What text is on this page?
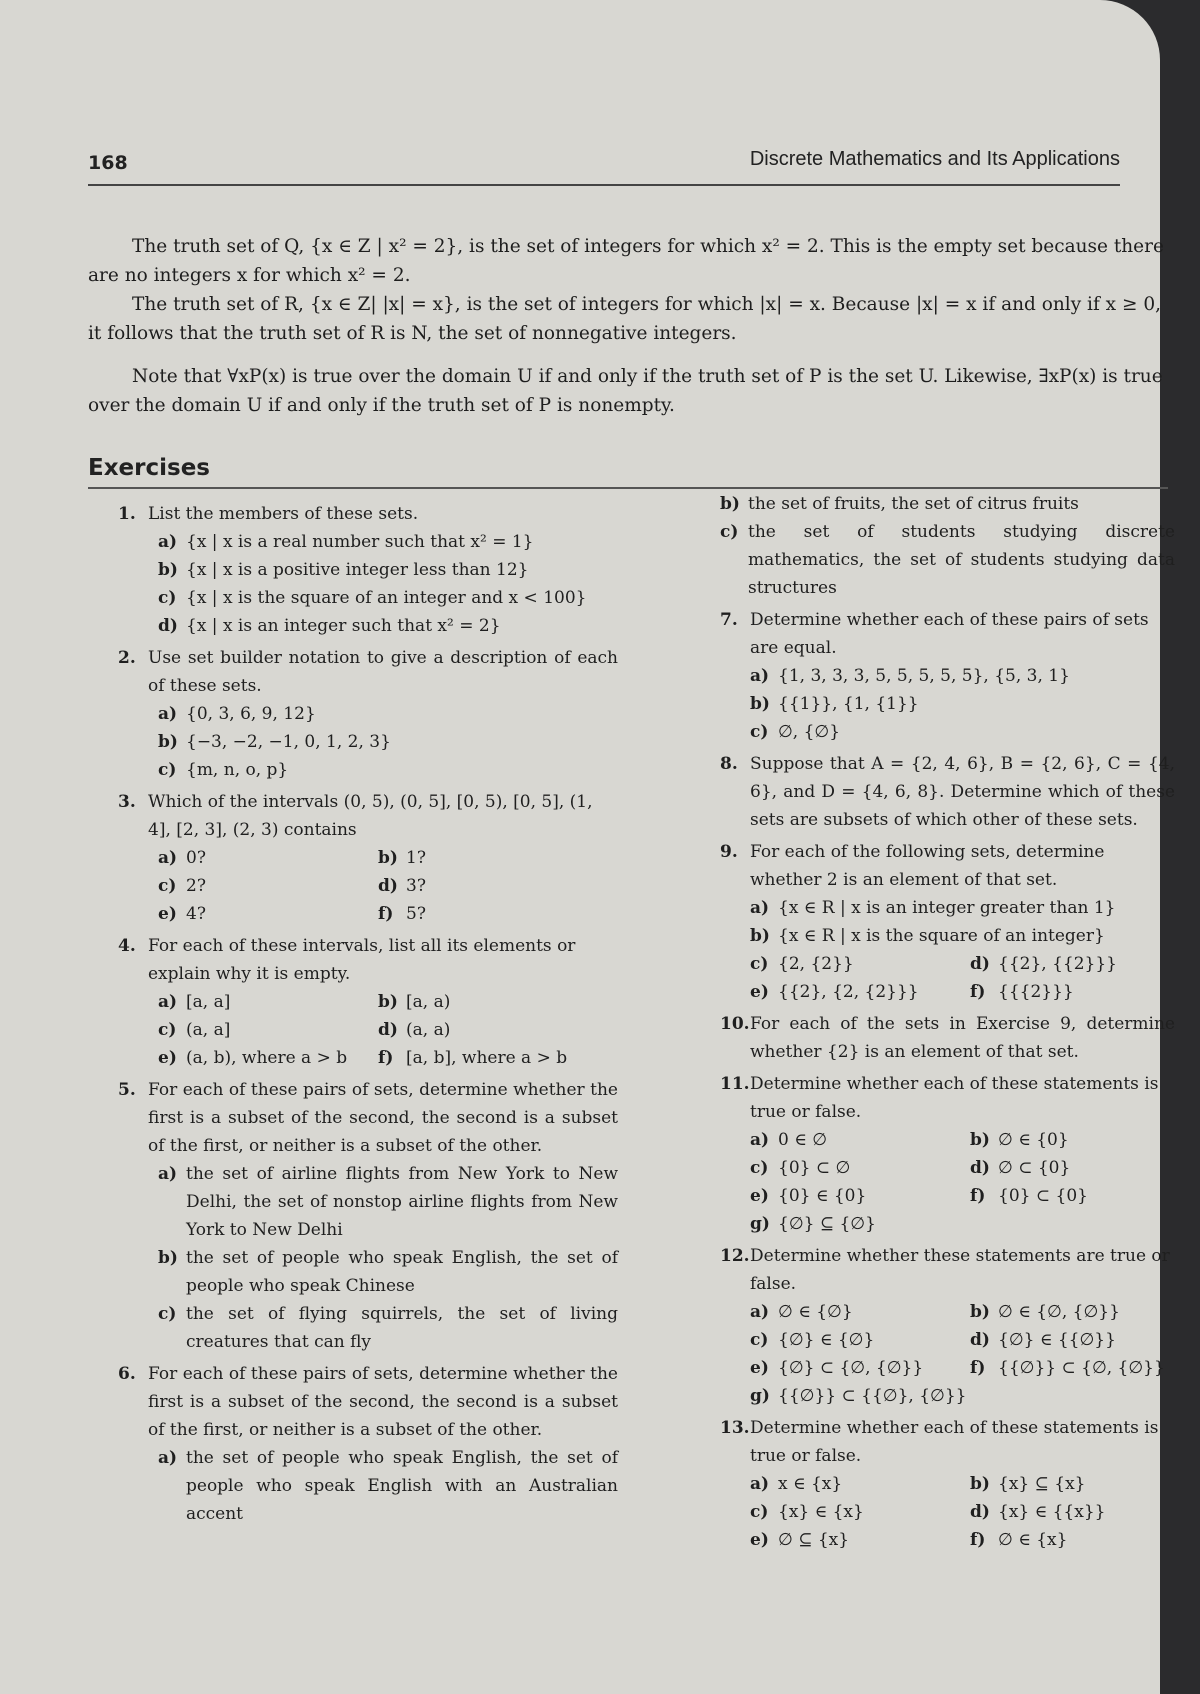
168	Discrete Mathematics and Its Applications

The truth set of Q, {x ∈ Z | x² = 2}, is the set of integers for which x² = 2. This is the empty set because there are no integers x for which x² = 2.

The truth set of R, {x ∈ Z| |x| = x}, is the set of integers for which |x| = x. Because |x| = x if and only if x ≥ 0, it follows that the truth set of R is N, the set of nonnegative integers.

Note that ∀xP(x) is true over the domain U if and only if the truth set of P is the set U. Likewise, ∃xP(x) is true over the domain U if and only if the truth set of P is nonempty.

Exercises
1. List the members of these sets.
a) {x | x is a real number such that x² = 1}
b) {x | x is a positive integer less than 12}
c) {x | x is the square of an integer and x < 100}
d) {x | x is an integer such that x² = 2}
2. Use set builder notation to give a description of each of these sets.
a) {0, 3, 6, 9, 12}
b) {−3, −2, −1, 0, 1, 2, 3}
c) {m, n, o, p}
3. Which of the intervals (0, 5), (0, 5], [0, 5), [0, 5], (1, 4], [2, 3], (2, 3) contains
a) 0?	b) 1?
c) 2?	d) 3?
e) 4?	f) 5?
4. For each of these intervals, list all its elements or explain why it is empty.
a) [a, a]	b) [a, a)
c) (a, a]	d) (a, a)
e) (a, b), where a > b	f) [a, b], where a > b
5. For each of these pairs of sets, determine whether the first is a subset of the second, the second is a subset of the first, or neither is a subset of the other.
a) the set of airline flights from New York to New Delhi, the set of nonstop airline flights from New York to New Delhi
b) the set of people who speak English, the set of people who speak Chinese
c) the set of flying squirrels, the set of living creatures that can fly
6. For each of these pairs of sets, determine whether the first is a subset of the second, the second is a subset of the first, or neither is a subset of the other.
a) the set of people who speak English, the set of people who speak English with an Australian accent
b) the set of fruits, the set of citrus fruits
c) the set of students studying discrete mathematics, the set of students studying data structures
7. Determine whether each of these pairs of sets are equal.
a) {1, 3, 3, 3, 5, 5, 5, 5, 5}, {5, 3, 1}
b) {{1}}, {1, {1}}
c) ∅, {∅}
8. Suppose that A = {2, 4, 6}, B = {2, 6}, C = {4, 6}, and D = {4, 6, 8}. Determine which of these sets are subsets of which other of these sets.
9. For each of the following sets, determine whether 2 is an element of that set.
a) {x ∈ R | x is an integer greater than 1}
b) {x ∈ R | x is the square of an integer}
c) {2, {2}}	d) {{2}, {{2}}}
e) {{2}, {2, {2}}}	f) {{{2}}}
10.For each of the sets in Exercise 9, determine whether {2} is an element of that set.
11.Determine whether each of these statements is true or false.
a) 0 ∈ ∅	b) ∅ ∈ {0}
c) {0} ⊂ ∅	d) ∅ ⊂ {0}
e) {0} ∈ {0}	f) {0} ⊂ {0}
g) {∅} ⊆ {∅}
12.Determine whether these statements are true or false.
a) ∅ ∈ {∅}	b) ∅ ∈ {∅, {∅}}
c) {∅} ∈ {∅}	d) {∅} ∈ {{∅}}
e) {∅} ⊂ {∅, {∅}}	f) {{∅}} ⊂ {∅, {∅}}
g) {{∅}} ⊂ {{∅}, {∅}}
13.Determine whether each of these statements is true or false.
a) x ∈ {x}	b) {x} ⊆ {x}
c) {x} ∈ {x}	d) {x} ∈ {{x}}
e) ∅ ⊆ {x}	f) ∅ ∈ {x}
